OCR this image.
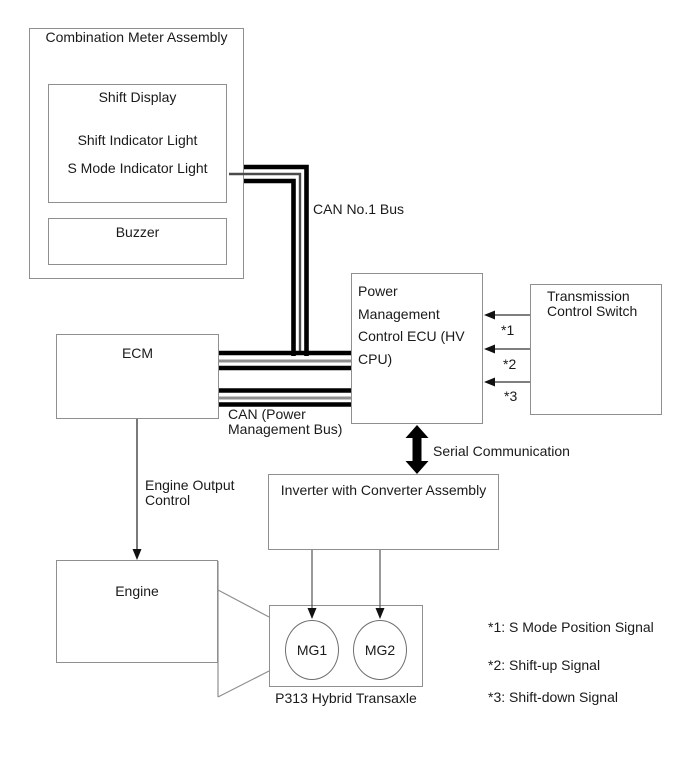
Combination Meter Assembly
Shift Display
Shift Indicator Light
S Mode Indicator Light
Buzzer
ECM
Power Management Control ECU (HV CPU)
Transmission Control Switch
Inverter with Converter Assembly
Engine
MG1	MG2
P313 Hybrid Transaxle
CAN No.1 Bus
CAN (Power Management Bus)
Serial Communication
Engine Output Control
*1
*2
*3
*1: S Mode Position Signal
*2: Shift-up Signal
*3: Shift-down Signal
